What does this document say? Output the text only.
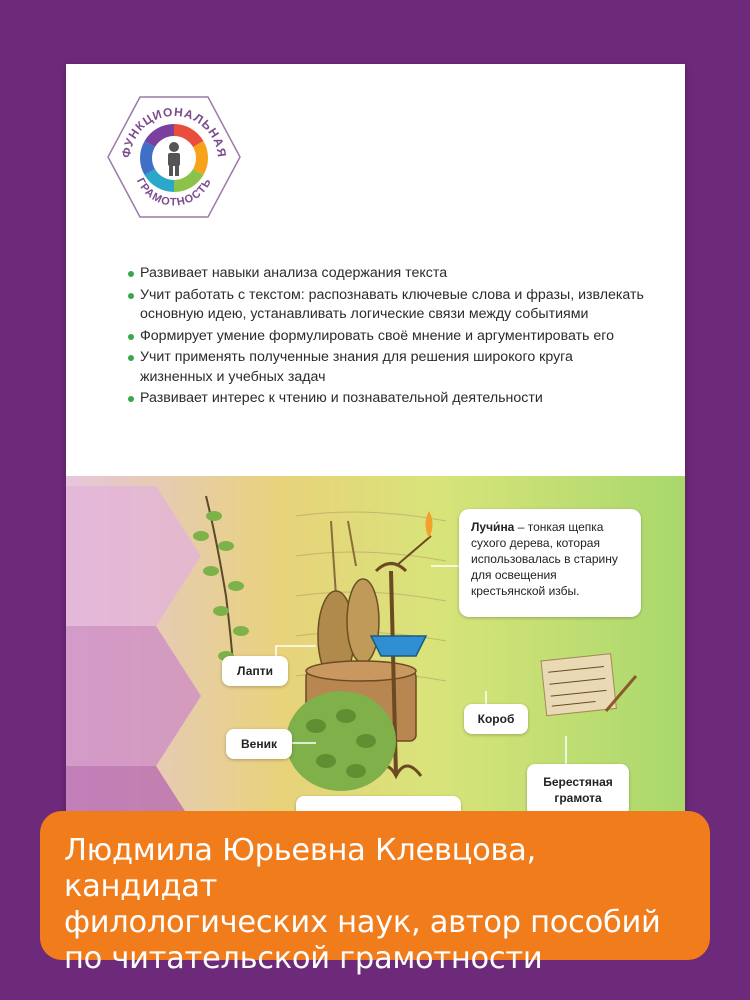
ФУНКЦИОНАЛЬНАЯ
ГРАМОТНОСТЬ
Развивает навыки анализа содержания текста
Учит работать с текстом: распознавать ключевые слова и фразы, извлекать основную идею, устанавливать логические связи между событиями
Формирует умение формулировать своё мнение и аргументировать его
Учит применять полученные знания для решения широкого круга жизненных и учебных задач
Развивает интерес к чтению и познавательной деятельности
Лапти
Короб
Веник
Берестяная
грамота
Лучи́на – тонкая щепка сухого дерева, которая использовалась в старину для освещения крестьянской избы.
Людмила Юрьевна Клевцова, кандидат
филологических наук, автор пособий
по читательской грамотности
